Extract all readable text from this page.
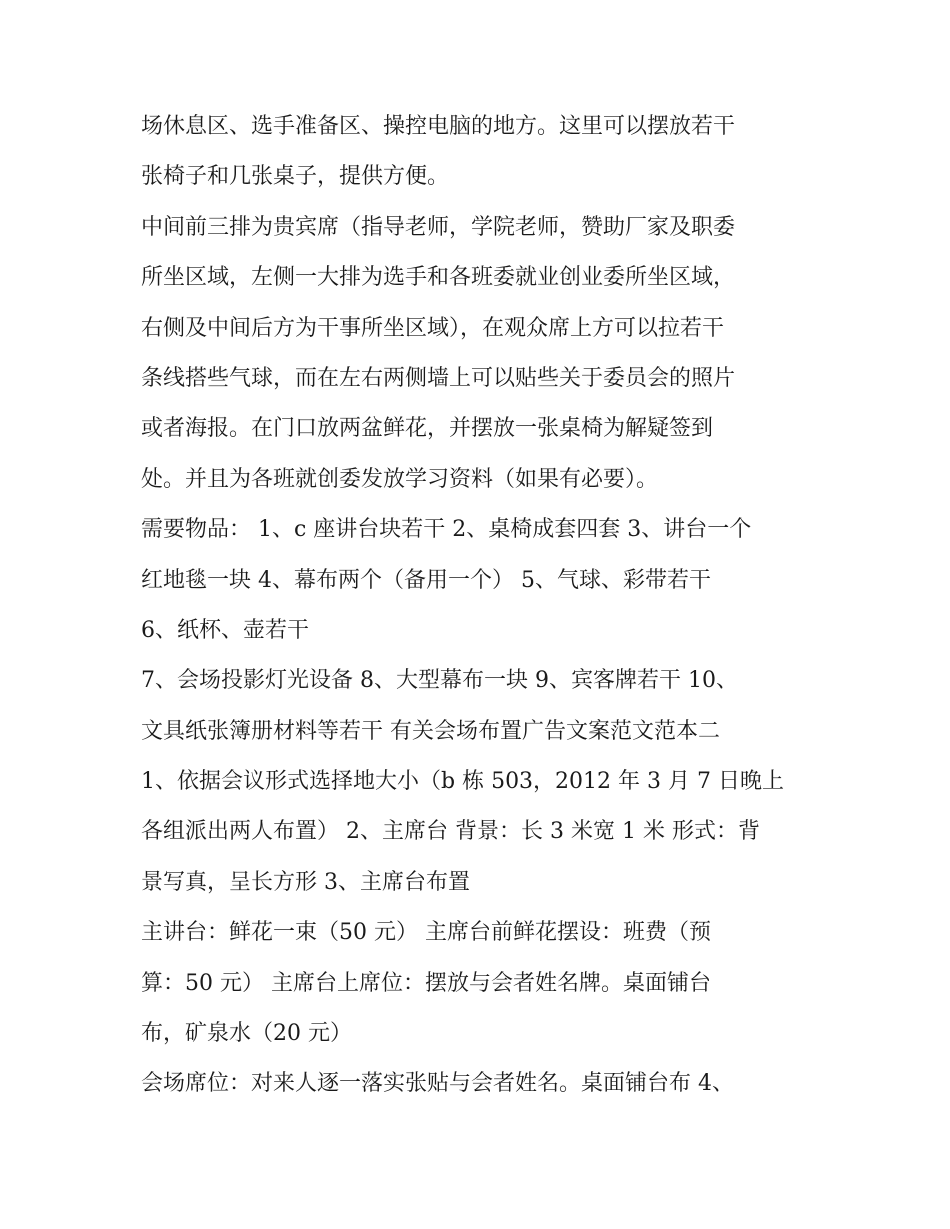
场休息区、选手准备区、操控电脑的地方。这里可以摆放若干
张椅子和几张桌子，提供方便。
中间前三排为贵宾席（指导老师，学院老师，赞助厂家及职委
所坐区域，左侧一大排为选手和各班委就业创业委所坐区域，
右侧及中间后方为干事所坐区域），在观众席上方可以拉若干
条线搭些气球，而在左右两侧墙上可以贴些关于委员会的照片
或者海报。在门口放两盆鲜花，并摆放一张桌椅为解疑签到
处。并且为各班就创委发放学习资料（如果有必要）。
需要物品： 1、c 座讲台块若干 2、桌椅成套四套 3、讲台一个
红地毯一块 4、幕布两个（备用一个） 5、气球、彩带若干
6、纸杯、壶若干
7、会场投影灯光设备 8、大型幕布一块 9、宾客牌若干 10、
文具纸张簿册材料等若干 有关会场布置广告文案范文范本二
1、依据会议形式选择地大小（b 栋 503，2012 年 3 月 7 日晚上
各组派出两人布置） 2、主席台 背景：长 3 米宽 1 米 形式：背
景写真，呈长方形 3、主席台布置
主讲台：鲜花一束（50 元） 主席台前鲜花摆设：班费（预
算：50 元） 主席台上席位：摆放与会者姓名牌。桌面铺台
布，矿泉水（20 元）
会场席位：对来人逐一落实张贴与会者姓名。桌面铺台布 4、
